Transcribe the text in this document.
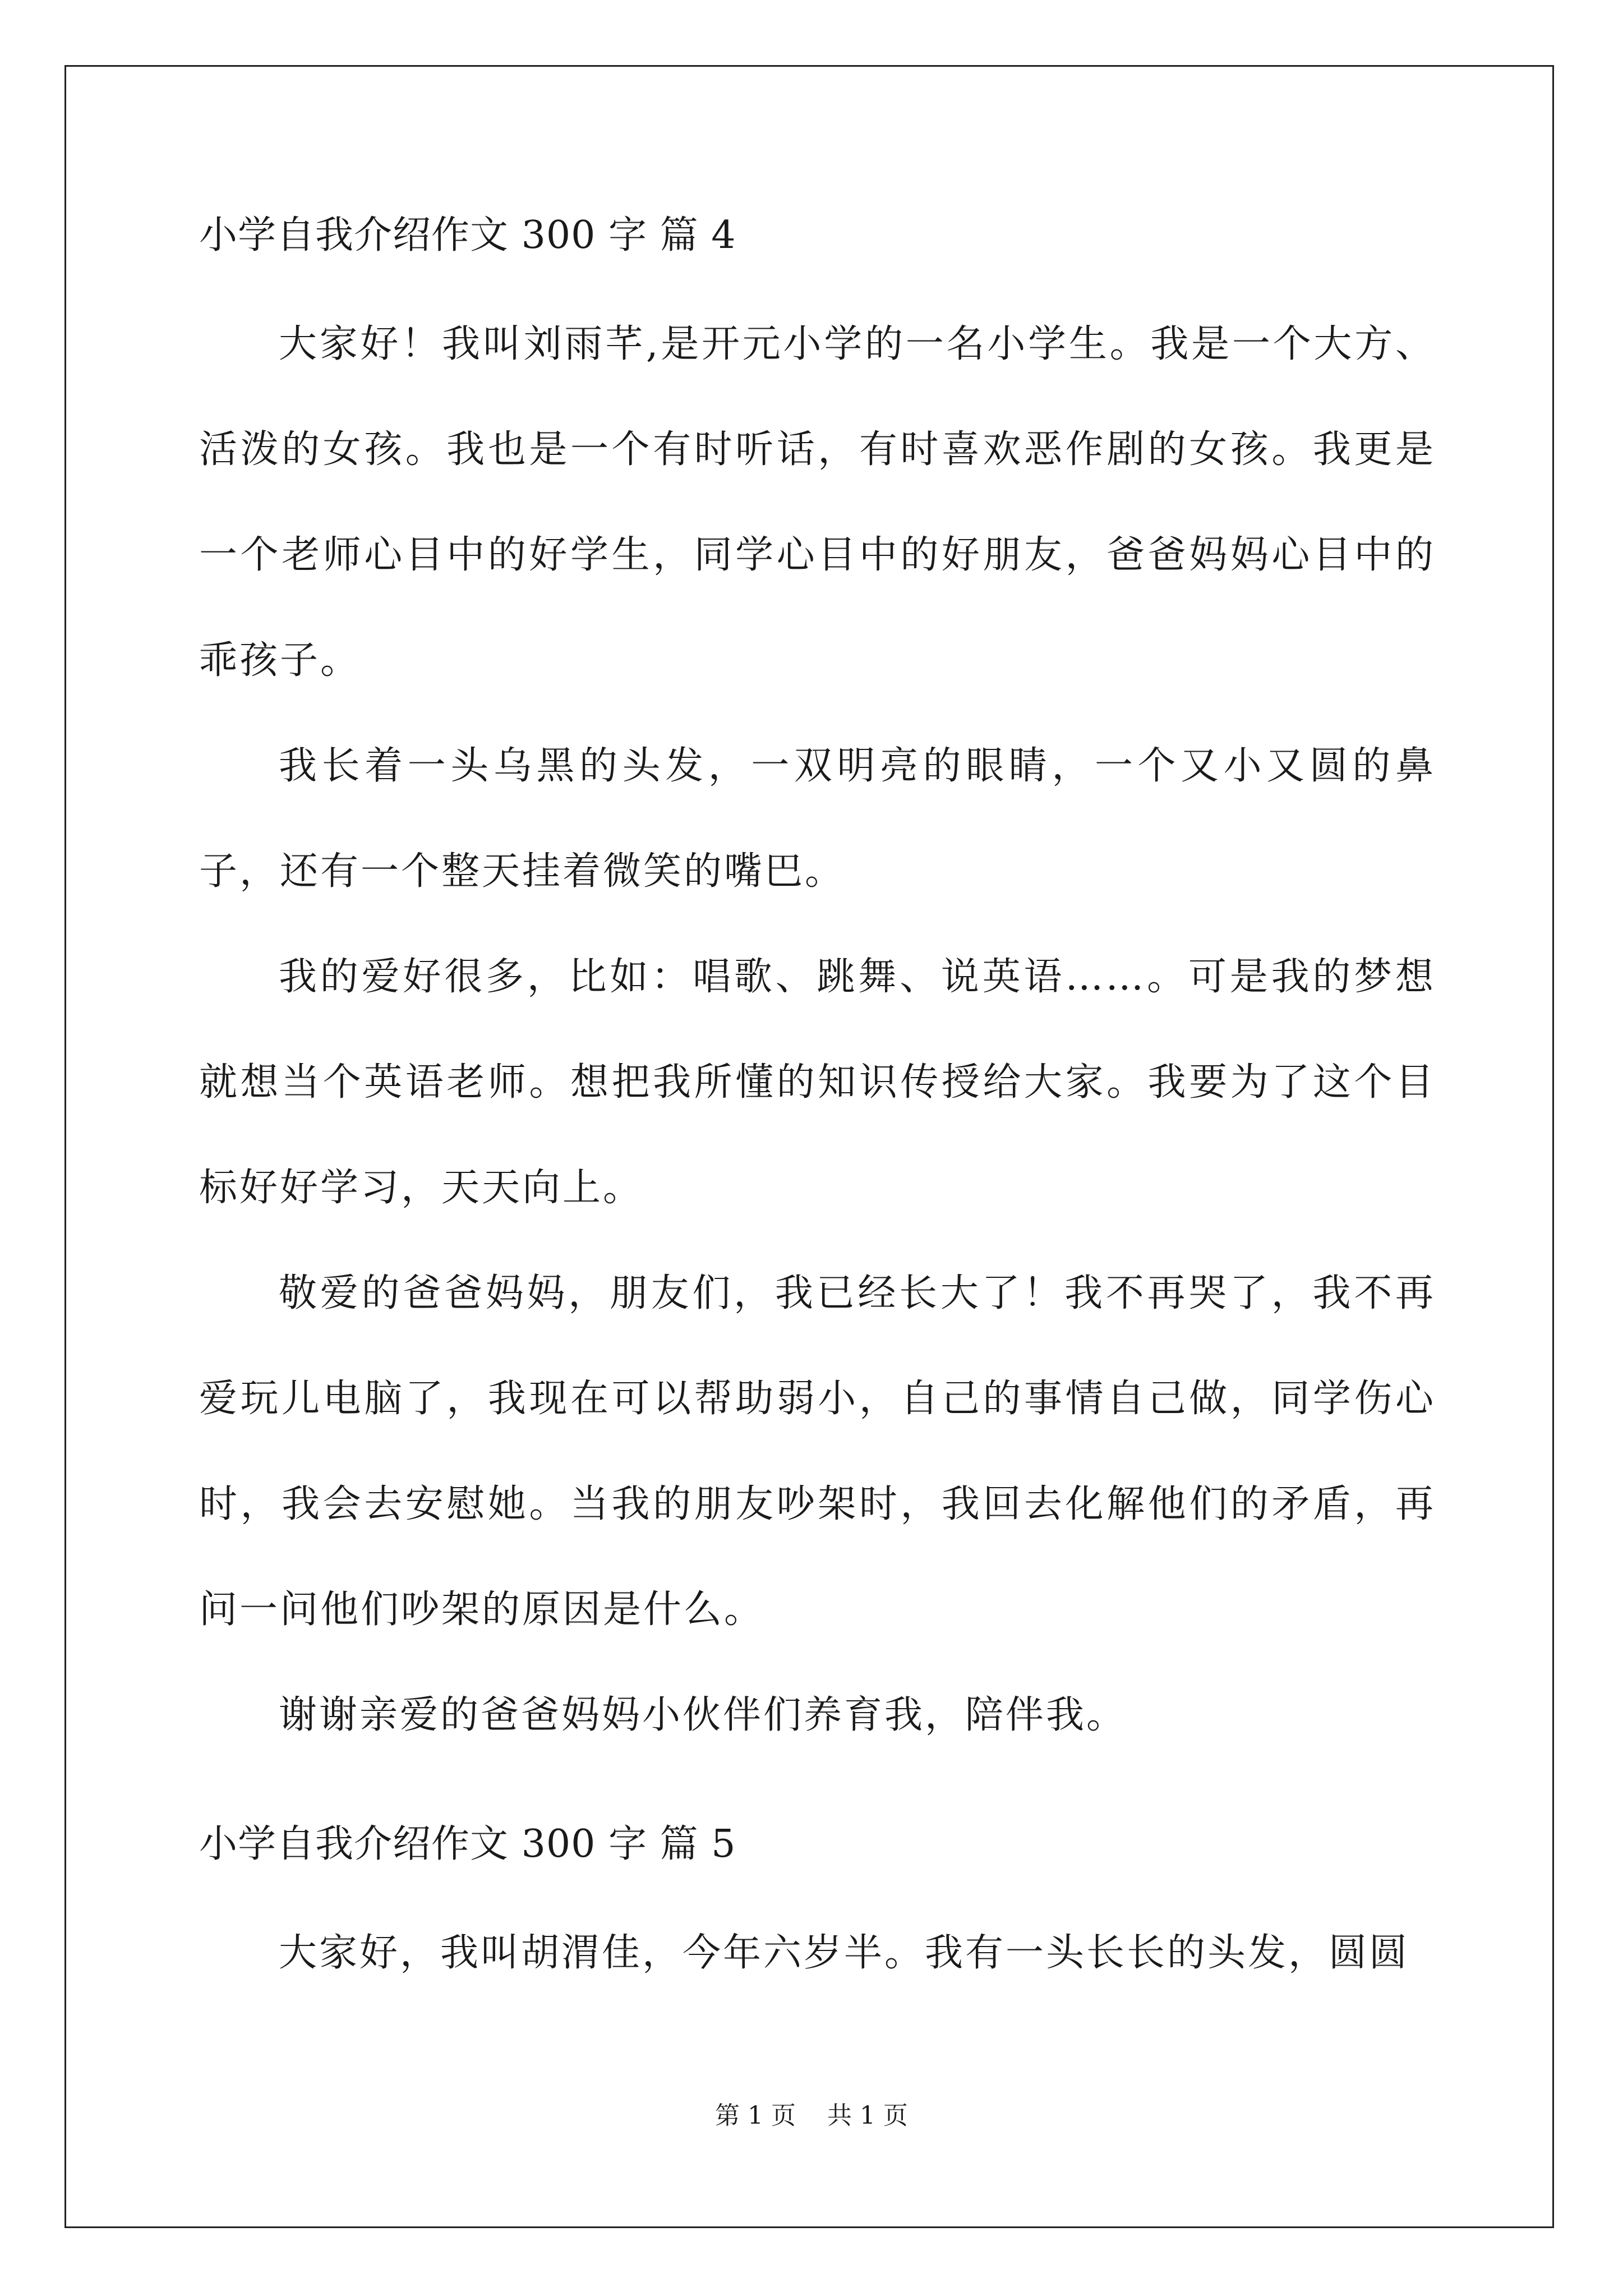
小学自我介绍作文 300 字 篇 4

大家好！我叫刘雨芊,是开元小学的一名小学生。我是一个大方、活泼的女孩。我也是一个有时听话，有时喜欢恶作剧的女孩。我更是一个老师心目中的好学生，同学心目中的好朋友，爸爸妈妈心目中的乖孩子。

我长着一头乌黑的头发，一双明亮的眼睛，一个又小又圆的鼻子，还有一个整天挂着微笑的嘴巴。

我的爱好很多，比如：唱歌、跳舞、说英语……。可是我的梦想就想当个英语老师。想把我所懂的知识传授给大家。我要为了这个目标好好学习，天天向上。

敬爱的爸爸妈妈，朋友们，我已经长大了！我不再哭了，我不再爱玩儿电脑了，我现在可以帮助弱小，自己的事情自己做，同学伤心时，我会去安慰她。当我的朋友吵架时，我回去化解他们的矛盾，再问一问他们吵架的原因是什么。

谢谢亲爱的爸爸妈妈小伙伴们养育我，陪伴我。

小学自我介绍作文 300 字 篇 5

大家好，我叫胡渭佳，今年六岁半。我有一头长长的头发，圆圆

第 1 页    共 1 页
